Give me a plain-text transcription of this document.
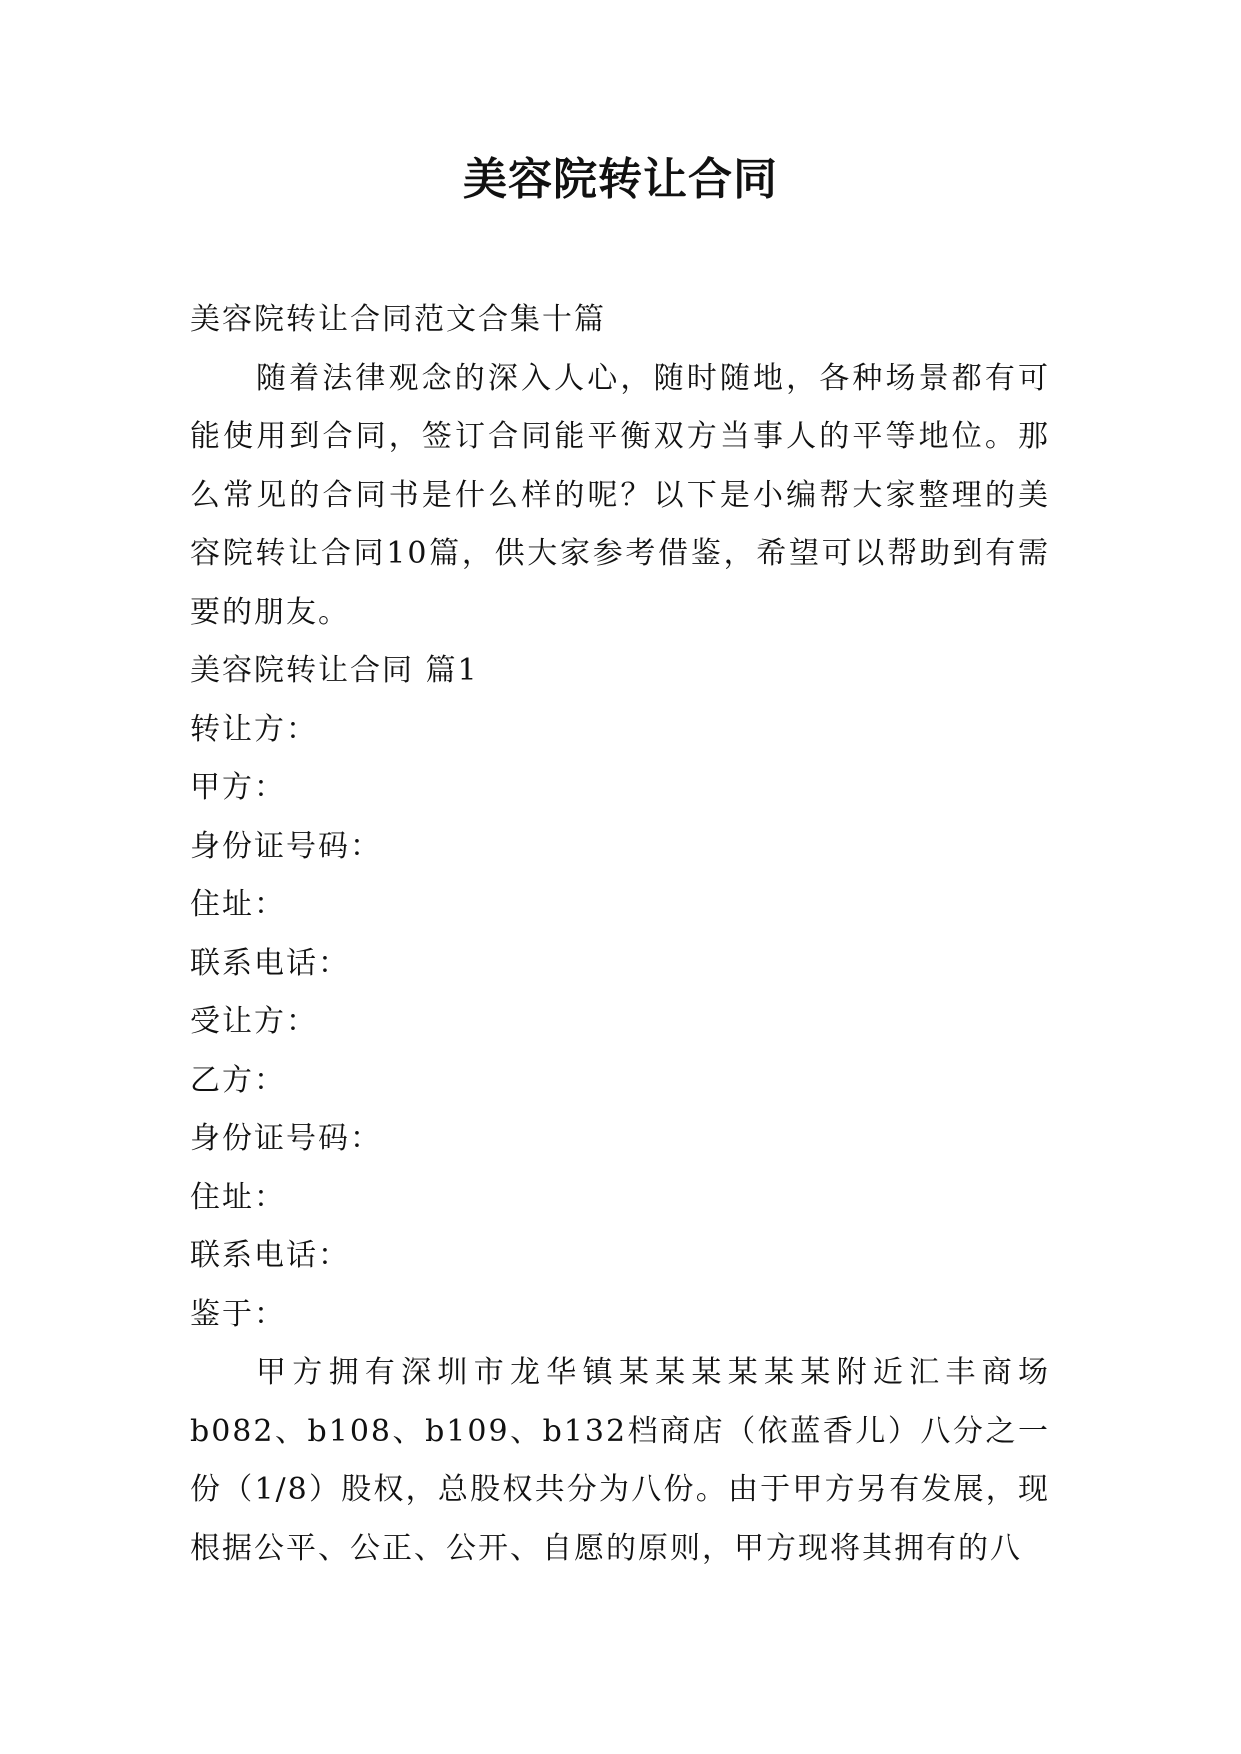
美容院转让合同

美容院转让合同范文合集十篇

随着法律观念的深入人心，随时随地，各种场景都有可能使用到合同，签订合同能平衡双方当事人的平等地位。那么常见的合同书是什么样的呢？以下是小编帮大家整理的美容院转让合同10篇，供大家参考借鉴，希望可以帮助到有需要的朋友。

美容院转让合同 篇1

转让方：

甲方：

身份证号码：

住址：

联系电话：

受让方：

乙方：

身份证号码：

住址：

联系电话：

鉴于：

甲方拥有深圳市龙华镇某某某某某某附近汇丰商场b082、b108、b109、b132档商店（依蓝香儿）八分之一份（1/8）股权，总股权共分为八份。由于甲方另有发展，现根据公平、公正、公开、自愿的原则，甲方现将其拥有的八
